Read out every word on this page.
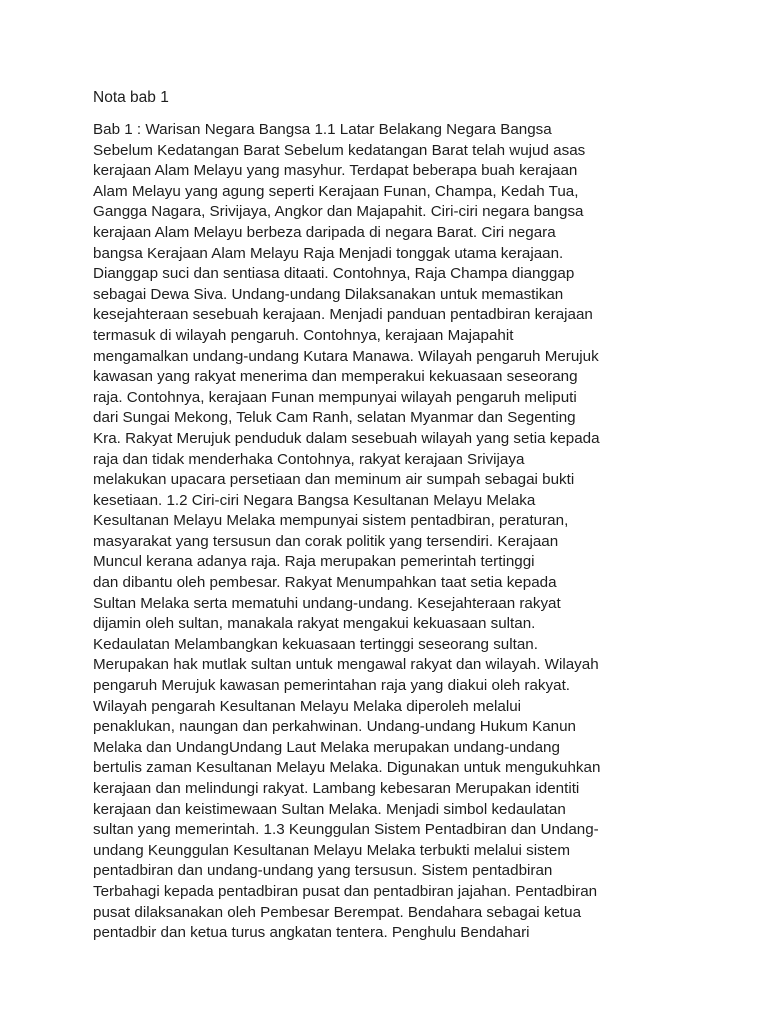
Nota bab 1
Bab 1 : Warisan Negara Bangsa 1.1 Latar Belakang Negara Bangsa
Sebelum Kedatangan Barat Sebelum kedatangan Barat telah wujud asas
kerajaan Alam Melayu yang masyhur. Terdapat beberapa buah kerajaan
Alam Melayu yang agung seperti Kerajaan Funan, Champa, Kedah Tua,
Gangga Nagara, Srivijaya, Angkor dan Majapahit. Ciri-ciri negara bangsa
kerajaan Alam Melayu berbeza daripada di negara Barat. Ciri negara
bangsa Kerajaan Alam Melayu Raja Menjadi tonggak utama kerajaan.
Dianggap suci dan sentiasa ditaati. Contohnya, Raja Champa dianggap
sebagai Dewa Siva. Undang-undang Dilaksanakan untuk memastikan
kesejahteraan sesebuah kerajaan. Menjadi panduan pentadbiran kerajaan
termasuk di wilayah pengaruh. Contohnya, kerajaan Majapahit
mengamalkan undang-undang Kutara Manawa. Wilayah pengaruh Merujuk
kawasan yang rakyat menerima dan memperakui kekuasaan seseorang
raja. Contohnya, kerajaan Funan mempunyai wilayah pengaruh meliputi
dari Sungai Mekong, Teluk Cam Ranh, selatan Myanmar dan Segenting
Kra. Rakyat Merujuk penduduk dalam sesebuah wilayah yang setia kepada
raja dan tidak menderhaka Contohnya, rakyat kerajaan Srivijaya
melakukan upacara persetiaan dan meminum air sumpah sebagai bukti
kesetiaan. 1.2 Ciri-ciri Negara Bangsa Kesultanan Melayu Melaka
Kesultanan Melayu Melaka mempunyai sistem pentadbiran, peraturan,
masyarakat yang tersusun dan corak politik yang tersendiri. Kerajaan
Muncul kerana adanya raja. Raja merupakan pemerintah tertinggi
dan dibantu oleh pembesar. Rakyat Menumpahkan taat setia kepada
Sultan Melaka serta mematuhi undang-undang. Kesejahteraan rakyat
dijamin oleh sultan, manakala rakyat mengakui kekuasaan sultan.
Kedaulatan Melambangkan kekuasaan tertinggi seseorang sultan.
Merupakan hak mutlak sultan untuk mengawal rakyat dan wilayah. Wilayah
pengaruh Merujuk kawasan pemerintahan raja yang diakui oleh rakyat.
Wilayah pengarah Kesultanan Melayu Melaka diperoleh melalui
penaklukan, naungan dan perkahwinan. Undang-undang Hukum Kanun
Melaka dan UndangUndang Laut Melaka merupakan undang-undang
bertulis zaman Kesultanan Melayu Melaka. Digunakan untuk mengukuhkan
kerajaan dan melindungi rakyat. Lambang kebesaran Merupakan identiti
kerajaan dan keistimewaan Sultan Melaka. Menjadi simbol kedaulatan
sultan yang memerintah. 1.3 Keunggulan Sistem Pentadbiran dan Undang-
undang Keunggulan Kesultanan Melayu Melaka terbukti melalui sistem
pentadbiran dan undang-undang yang tersusun. Sistem pentadbiran
Terbahagi kepada pentadbiran pusat dan pentadbiran jajahan. Pentadbiran
pusat dilaksanakan oleh Pembesar Berempat. Bendahara sebagai ketua
pentadbir dan ketua turus angkatan tentera. Penghulu Bendahari
